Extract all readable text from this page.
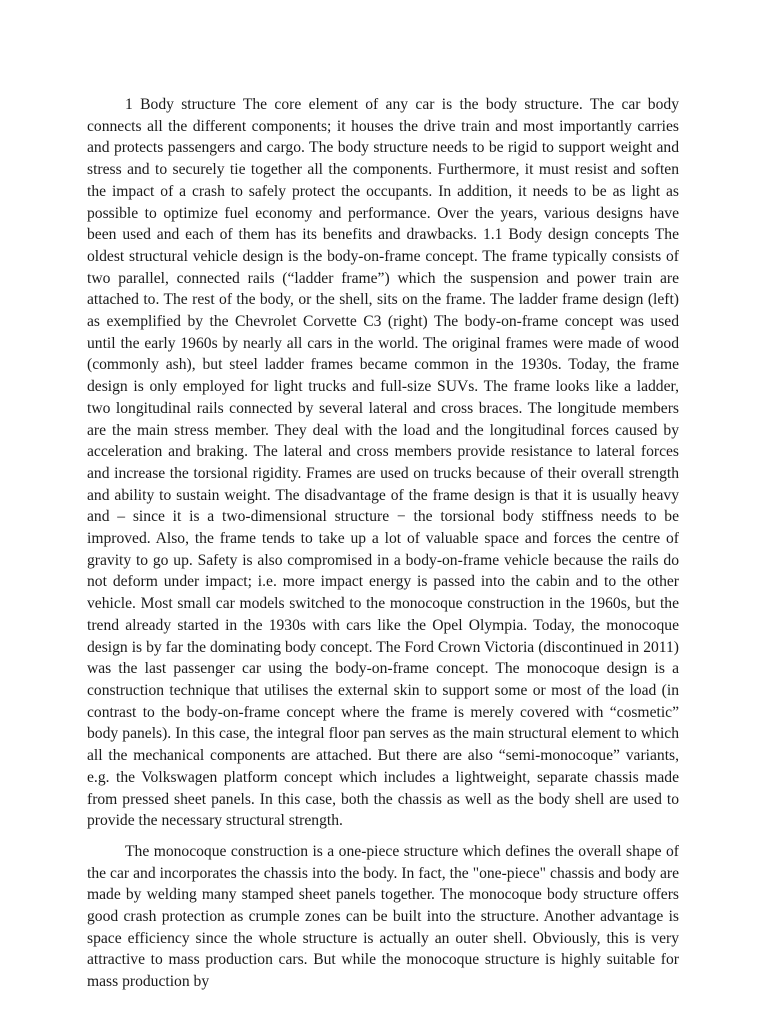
1 Body structure The core element of any car is the body structure. The car body connects all the different components; it houses the drive train and most importantly carries and protects passengers and cargo. The body structure needs to be rigid to support weight and stress and to securely tie together all the components. Furthermore, it must resist and soften the impact of a crash to safely protect the occupants. In addition, it needs to be as light as possible to optimize fuel economy and performance. Over the years, various designs have been used and each of them has its benefits and drawbacks. 1.1 Body design concepts The oldest structural vehicle design is the body-on-frame concept. The frame typically consists of two parallel, connected rails (“ladder frame”) which the suspension and power train are attached to. The rest of the body, or the shell, sits on the frame. The ladder frame design (left) as exemplified by the Chevrolet Corvette C3 (right) The body-on-frame concept was used until the early 1960s by nearly all cars in the world. The original frames were made of wood (commonly ash), but steel ladder frames became common in the 1930s. Today, the frame design is only employed for light trucks and full-size SUVs. The frame looks like a ladder, two longitudinal rails connected by several lateral and cross braces. The longitude members are the main stress member. They deal with the load and the longitudinal forces caused by acceleration and braking. The lateral and cross members provide resistance to lateral forces and increase the torsional rigidity. Frames are used on trucks because of their overall strength and ability to sustain weight. The disadvantage of the frame design is that it is usually heavy and – since it is a two-dimensional structure − the torsional body stiffness needs to be improved. Also, the frame tends to take up a lot of valuable space and forces the centre of gravity to go up. Safety is also compromised in a body-on-frame vehicle because the rails do not deform under impact; i.e. more impact energy is passed into the cabin and to the other vehicle. Most small car models switched to the monocoque construction in the 1960s, but the trend already started in the 1930s with cars like the Opel Olympia. Today, the monocoque design is by far the dominating body concept. The Ford Crown Victoria (discontinued in 2011) was the last passenger car using the body-on-frame concept. The monocoque design is a construction technique that utilises the external skin to support some or most of the load (in contrast to the body-on-frame concept where the frame is merely covered with “cosmetic” body panels). In this case, the integral floor pan serves as the main structural element to which all the mechanical components are attached. But there are also “semi-monocoque” variants, e.g. the Volkswagen platform concept which includes a lightweight, separate chassis made from pressed sheet panels. In this case, both the chassis as well as the body shell are used to provide the necessary structural strength.

The monocoque construction is a one-piece structure which defines the overall shape of the car and incorporates the chassis into the body. In fact, the "one-piece" chassis and body are made by welding many stamped sheet panels together. The monocoque body structure offers good crash protection as crumple zones can be built into the structure. Another advantage is space efficiency since the whole structure is actually an outer shell. Obviously, this is very attractive to mass production cars. But while the monocoque structure is highly suitable for mass production by
